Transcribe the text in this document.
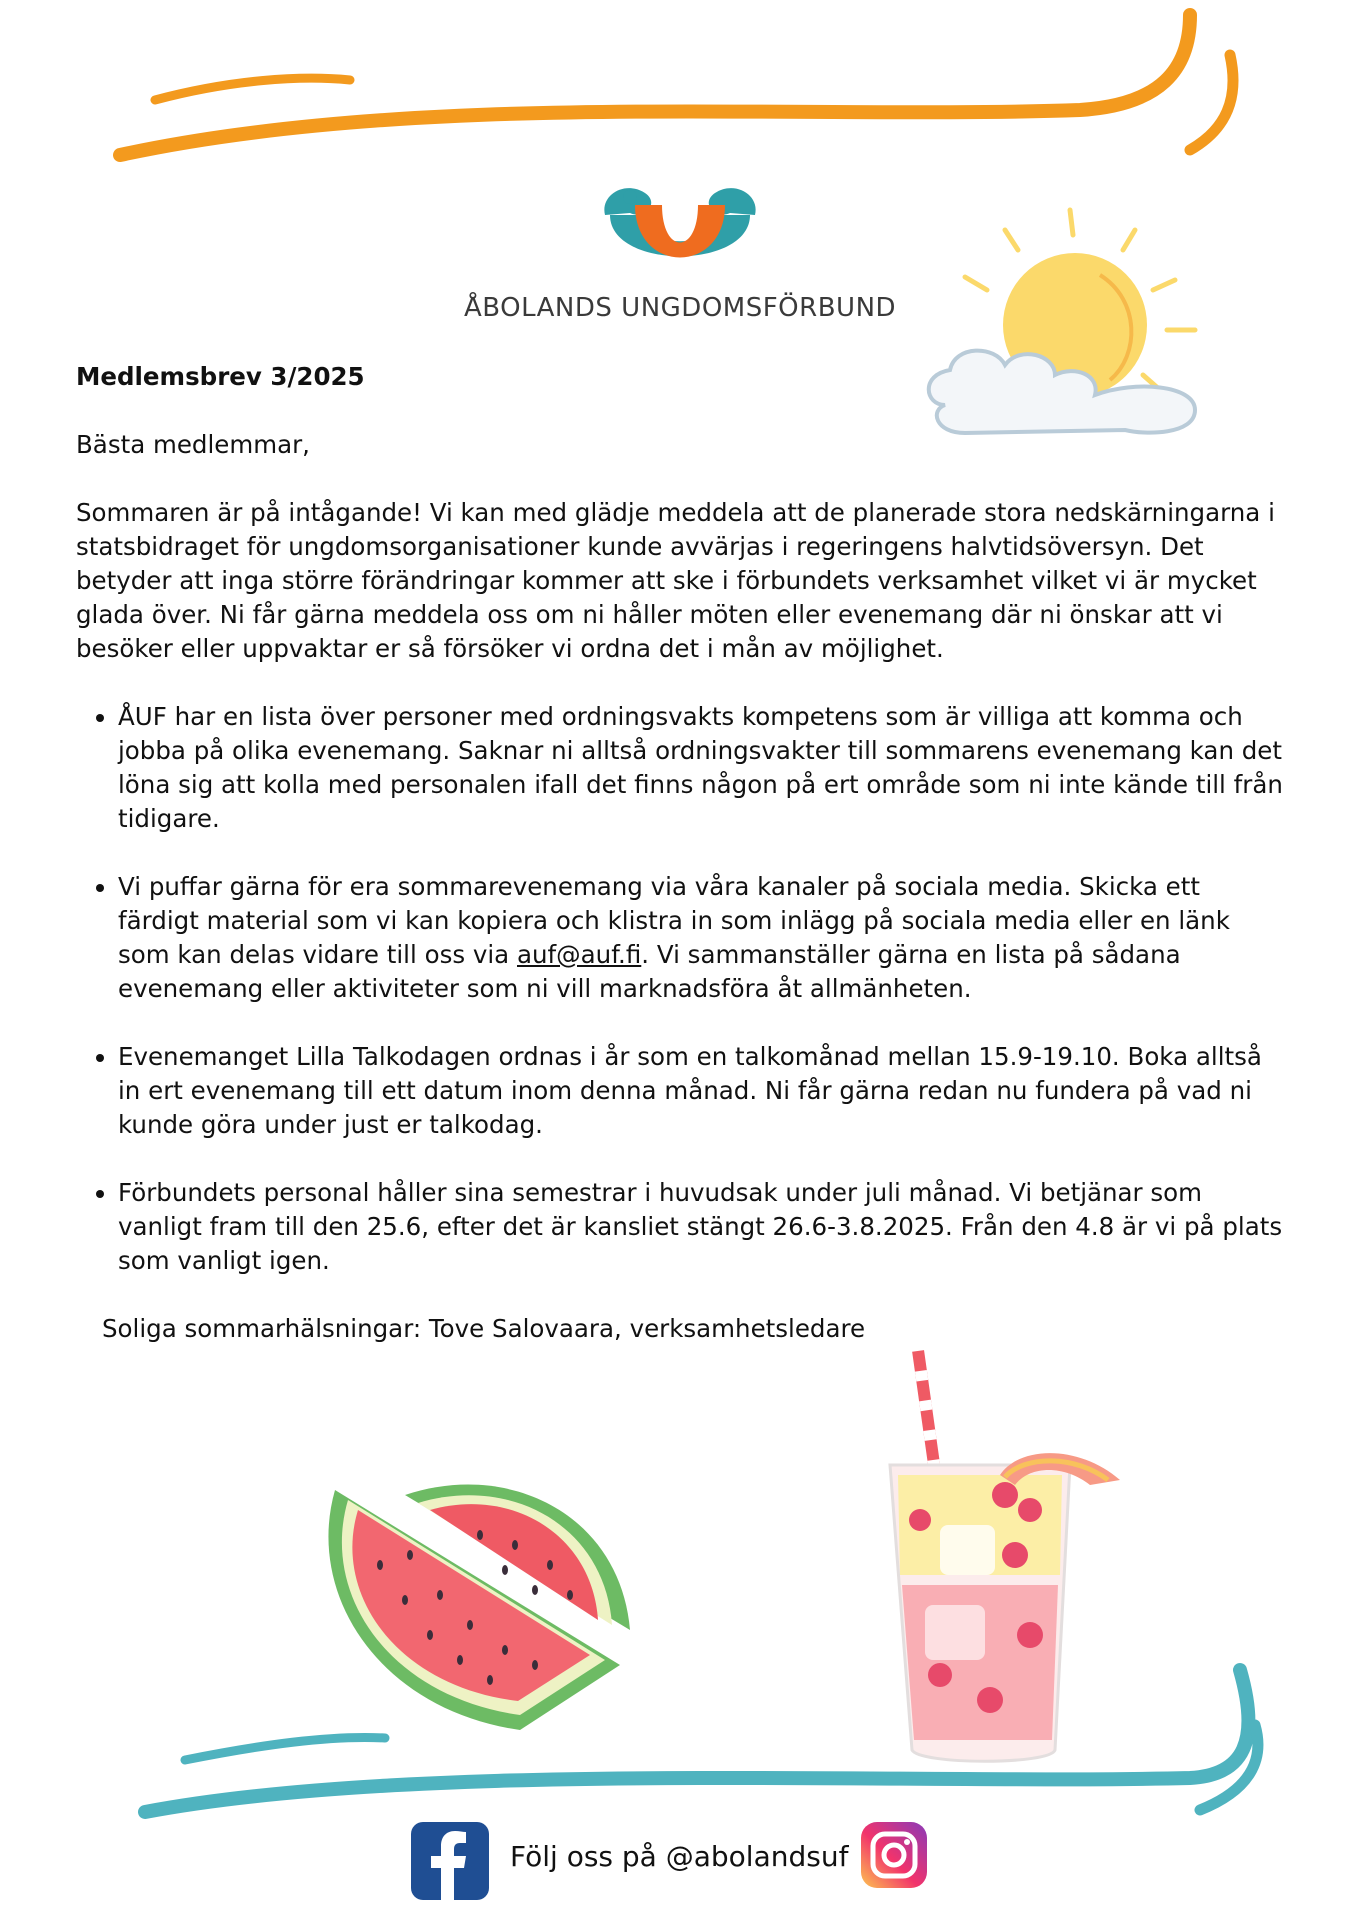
ÅBOLANDS UNGDOMSFÖRBUND

Medlemsbrev 3/2025

Bästa medlemmar,

Sommaren är på intågande! Vi kan med glädje meddela att de planerade stora nedskärningarna i statsbidraget för ungdomsorganisationer kunde avvärjas i regeringens halvtidsöversyn. Det betyder att inga större förändringar kommer att ske i förbundets verksamhet vilket vi är mycket glada över. Ni får gärna meddela oss om ni håller möten eller evenemang där ni önskar att vi besöker eller uppvaktar er så försöker vi ordna det i mån av möjlighet.

• ÅUF har en lista över personer med ordningsvakts kompetens som är villiga att komma och jobba på olika evenemang. Saknar ni alltså ordningsvakter till sommarens evenemang kan det löna sig att kolla med personalen ifall det finns någon på ert område som ni inte kände till från tidigare.
• Vi puffar gärna för era sommarevenemang via våra kanaler på sociala media. Skicka ett färdigt material som vi kan kopiera och klistra in som inlägg på sociala media eller en länk som kan delas vidare till oss via auf@auf.fi. Vi sammanställer gärna en lista på sådana evenemang eller aktiviteter som ni vill marknadsföra åt allmänheten.
• Evenemanget Lilla Talkodagen ordnas i år som en talkomånad mellan 15.9-19.10. Boka alltså in ert evenemang till ett datum inom denna månad. Ni får gärna redan nu fundera på vad ni kunde göra under just er talkodag.
• Förbundets personal håller sina semestrar i huvudsak under juli månad. Vi betjänar som vanligt fram till den 25.6, efter det är kansliet stängt 26.6-3.8.2025. Från den 4.8 är vi på plats som vanligt igen.

Soliga sommarhälsningar: Tove Salovaara, verksamhetsledare

Följ oss på @abolandsuf
